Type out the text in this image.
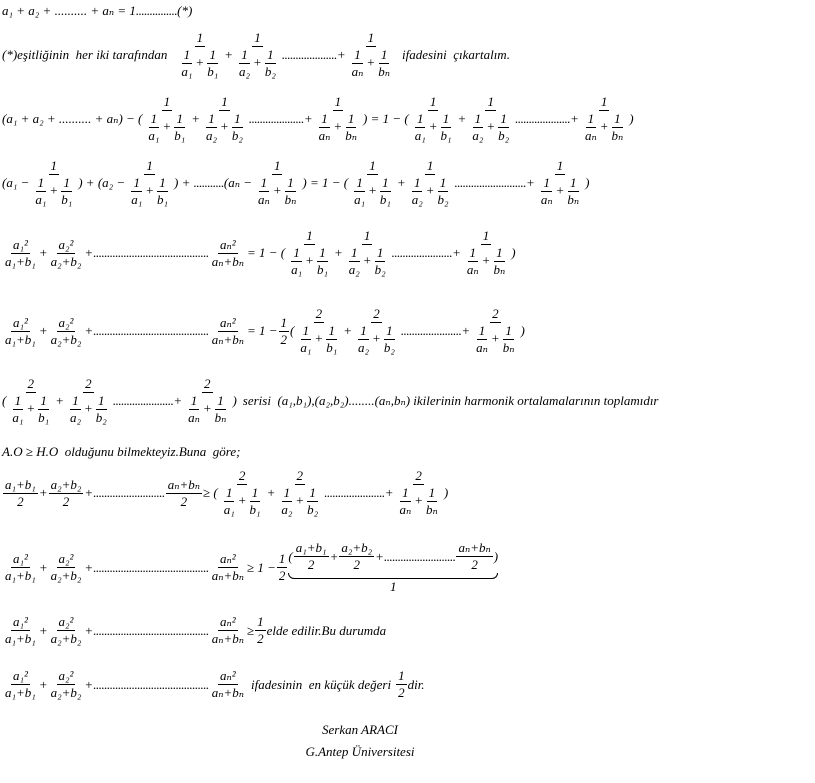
a₁ + a₂ + .......... + aₙ = 1 ............... (*)
(*)eşitliğinin  her iki tarafından
1
$\frac{1}{\text{a₁}} + \frac{1}{\text{b₁}} + \frac{1}{\frac{1}{\text{a₂}} + \frac{1}{\text{b₂}}}$ .................... + $\frac{1}{\frac{1}{\text{aₙ}} + \frac{1}{\text{bₙ}}}$ ifadesini  çıkartalım.
(a₁ + a₂ + .......... + aₙ) − (
1
$\frac{1}{\text{a₁}} + \frac{1}{\text{b₁}}$ +
1
$\frac{1}{\text{a₂}} + \frac{1}{\text{b₂}}$ .................... +
1
$\frac{1}{\text{aₙ}} + \frac{1}{\text{bₙ}}$ ) = 1 − (
1
$\frac{1}{\text{a₁}} + \frac{1}{\text{b₁}}$ +
1
$\frac{1}{\text{a₂}} + \frac{1}{\text{b₂}}$ .................... +
1
$\frac{1}{\text{aₙ}} + \frac{1}{\text{bₙ}}$ )
($a_1 - \frac{1}{\frac{1}{\text{a₁}} + \frac{1}{\text{b₁}}}$ ) + ($a_2 - \frac{1}{\frac{1}{\text{a₁}} + \frac{1}{\text{b₁}}}$ ) + $...........(a_n - \frac{1}{\frac{1}{\text{aₙ}} + \frac{1}{\text{bₙ}}}$ ) = 1 − (
1
$\frac{1}{\text{a₁}} + \frac{1}{\text{b₁}}$ +
1
$\frac{1}{\text{a₂}} + \frac{1}{\text{b₂}}$ .......................... +
1
$\frac{1}{\text{aₙ}} + \frac{1}{\text{bₙ}}$ )
a₁²
a₁+b₁
+
a₂²
a₂+b₂
+ .......................................... $\frac{\text{aₙ²}}{\text{aₙ+bₙ}} = 1$ − (
1
$\frac{1}{\text{a₁}} + \frac{1}{\text{b₁}}$ +
1
$\frac{1}{\text{a₂}} + \frac{1}{\text{b₂}}$ ...................... +
1
$\frac{1}{\text{aₙ}} + \frac{1}{\text{bₙ}}$ )
a₁²
a₁+b₁
+
a₂²
a₂+b₂
+ .......................................... $\frac{\text{aₙ²}}{\text{aₙ+bₙ}} = 1 - \frac{1}{2}$ (
2
$\frac{1}{\text{a₁}} + \frac{1}{\text{b₁}}$ +
2
$\frac{1}{\text{a₂}} + \frac{1}{\text{b₂}}$ ...................... +
2
$\frac{1}{\text{aₙ}} + \frac{1}{\text{bₙ}}$ )
(
2
$\frac{1}{\text{a₁}} + \frac{1}{\text{b₁}}$ +
2
$\frac{1}{\text{a₂}} + \frac{1}{\text{b₂}}$ ...................... +
2
$\frac{1}{\text{aₙ}} + \frac{1}{\text{bₙ}}$ ) serisi  (a₁,b₁),(a₂,b₂)........(aₙ,bₙ) ikilerinin harmonik ortalamalarının toplamıdır
A.O ≥ H.O  olduğunu bilmekteyiz.Buna  göre;
a₁+b₁
2
+
a₂+b₂
2
+ .......................... $\frac{\text{aₙ+bₙ}}{2}$ ≥ (
2
$\frac{1}{\text{a₁}} + \frac{1}{\text{b₁}}$ +
2
$\frac{1}{\text{a₂}} + \frac{1}{\text{b₂}}$ ...................... +
2
$\frac{1}{\text{aₙ}} + \frac{1}{\text{bₙ}}$ )
a₁²
a₁+b₁
+
a₂²
a₂+b₂
+ .......................................... $\frac{\text{aₙ²}}{\text{aₙ+bₙ}} \ge 1 - \frac{1}{2}$ (
a₁+b₁
2
+
a₂+b₂
2
+ ..........................
aₙ+bₙ
2
)
1
a₁²
a₁+b₁
+
a₂²
a₂+b₂
+ .......................................... $\frac{\text{aₙ²}}{\text{aₙ+bₙ}} \ge \frac{1}{2}$ elde edilir.Bu durumda
a₁²
a₁+b₁
+
a₂²
a₂+b₂
+ ..........................................
aₙ²
aₙ+bₙ
ifadesinin  en küçük değeri
1
2
dir.
Serkan ARACI
G.Antep Üniversitesi
